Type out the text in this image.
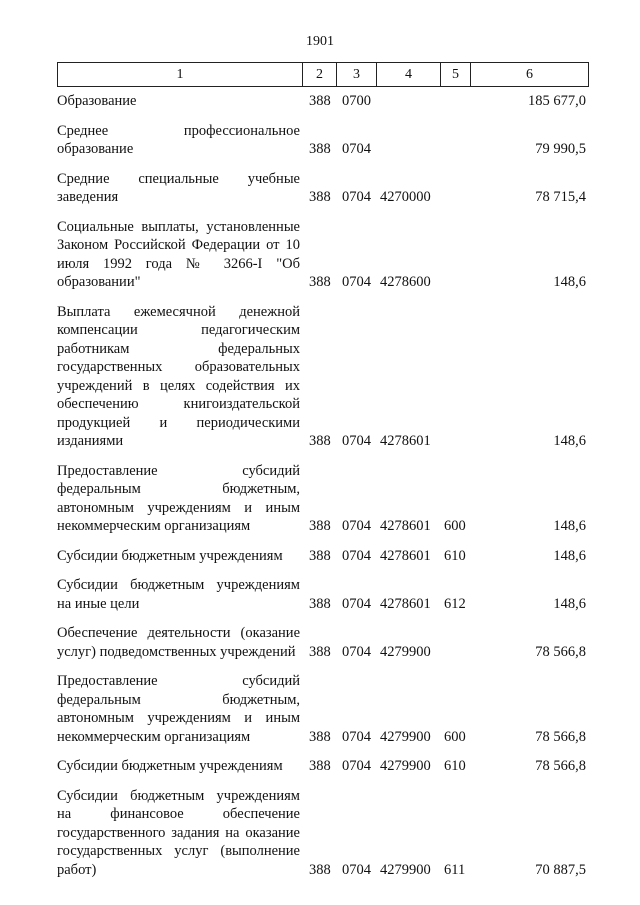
1901
1	2	3	4	5	6
Образование	388 0700	185 677,0
Среднее профессиональное образование	388 0704	79 990,5
Средние специальные учебные заведения	388 0704 4270000	78 715,4
Социальные выплаты, установленные Законом Российской Федерации от 10 июля 1992 года № 3266-I "Об образовании"	388 0704 4278600	148,6
Выплата ежемесячной денежной компенсации педагогическим работникам федеральных государственных образовательных учреждений в целях содействия их обеспечению книгоиздательской продукцией и периодическими изданиями	388 0704 4278601	148,6
Предоставление субсидий федеральным бюджетным, автономным учреждениям и иным некоммерческим организациям	388 0704 4278601 600	148,6
Субсидии бюджетным учреждениям	388 0704 4278601 610	148,6
Субсидии бюджетным учреждениям на иные цели	388 0704 4278601 612	148,6
Обеспечение деятельности (оказание услуг) подведомственных учреждений 388 0704 4279900	78 566,8
Предоставление субсидий федеральным бюджетным, автономным учреждениям и иным некоммерческим организациям	388 0704 4279900 600	78 566,8
Субсидии бюджетным учреждениям	388 0704 4279900 610	78 566,8
Субсидии бюджетным учреждениям на финансовое обеспечение государственного задания на оказание государственных услуг (выполнение работ)	388 0704 4279900 611	70 887,5
